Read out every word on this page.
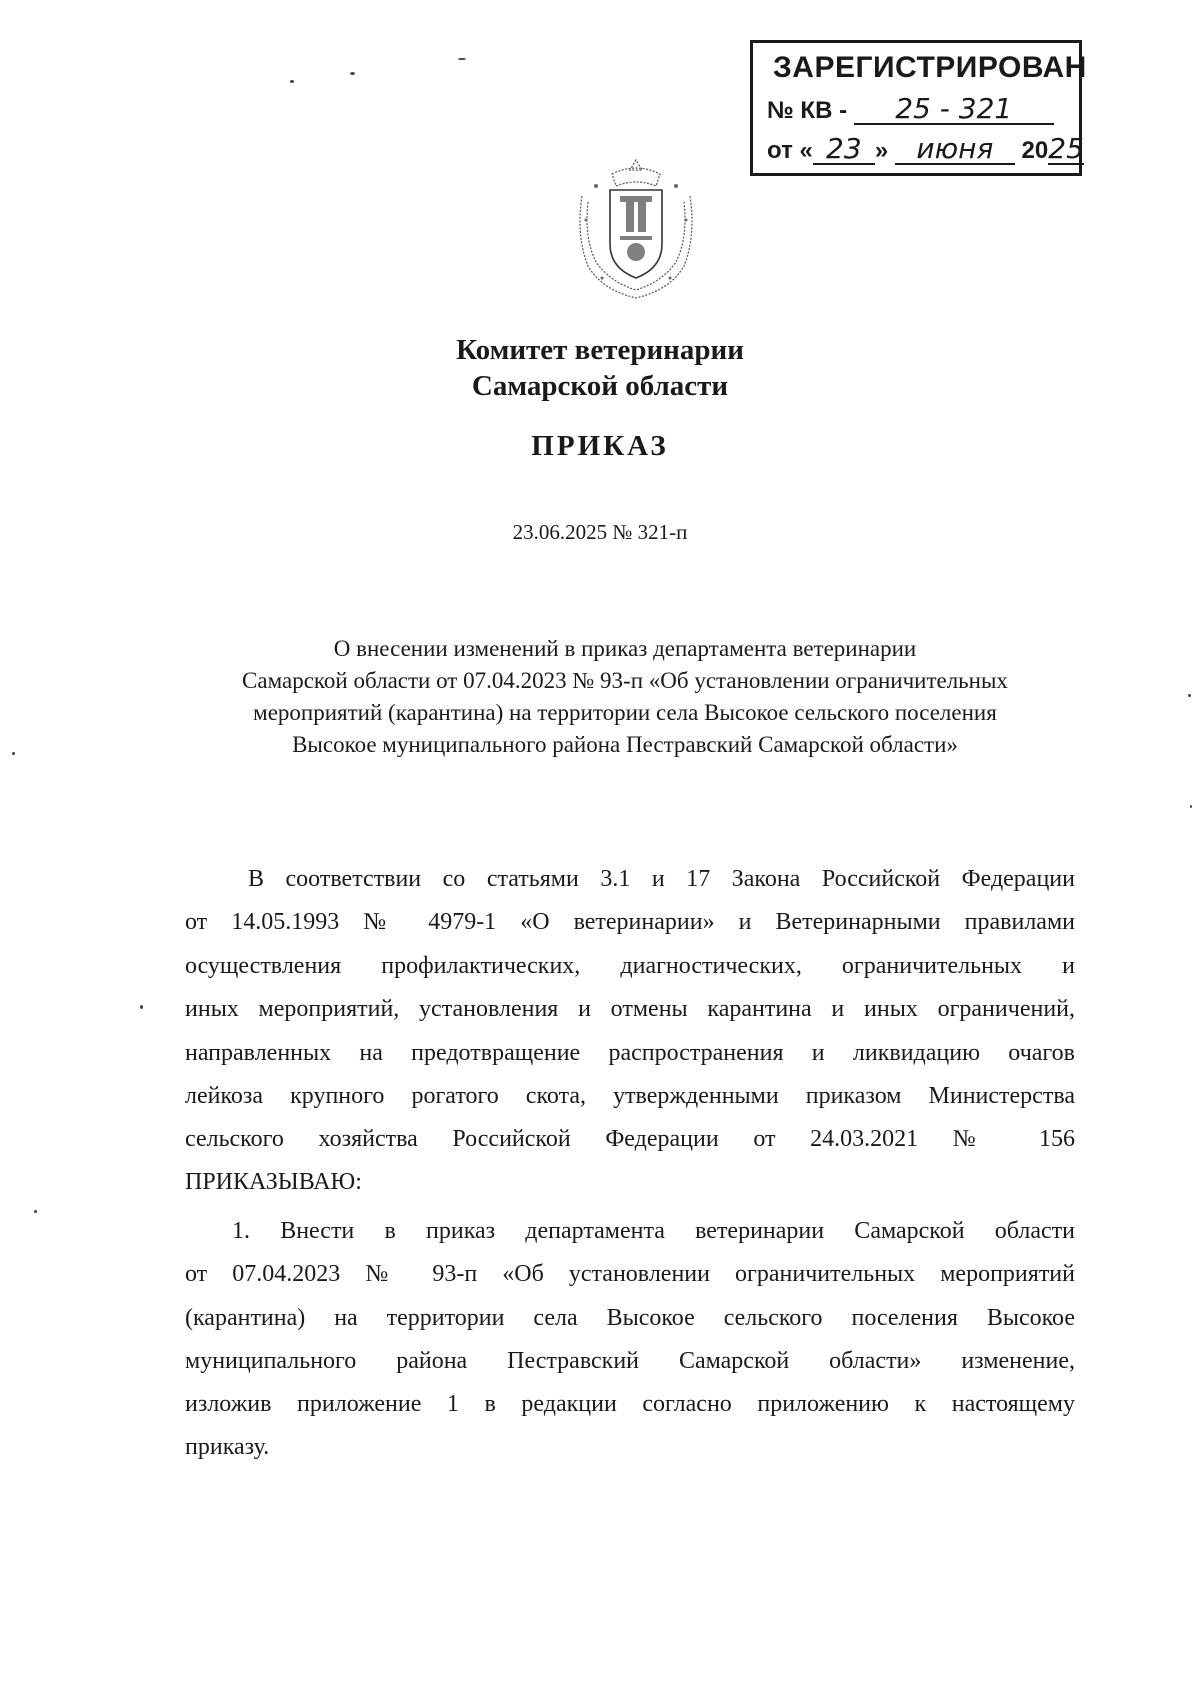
ЗАРЕГИСТРИРОВАН
№ КВ - 25 - 321
от « 23 » июня 2025
Комитет ветеринарии
Самарской области
ПРИКАЗ
23.06.2025 № 321-п
О внесении изменений в приказ департамента ветеринарии
Самарской области от 07.04.2023 № 93-п «Об установлении ограничительных
мероприятий (карантина) на территории села Высокое сельского поселения
Высокое муниципального района Пестравский Самарской области»
В соответствии со статьями 3.1 и 17 Закона Российской Федерации
от 14.05.1993 № 4979-1 «О ветеринарии» и Ветеринарными правилами
осуществления профилактических, диагностических, ограничительных и
иных мероприятий, установления и отмены карантина и иных ограничений,
направленных на предотвращение распространения и ликвидацию очагов
лейкоза крупного рогатого скота, утвержденными приказом Министерства
сельского хозяйства Российской Федерации от 24.03.2021 № 156
ПРИКАЗЫВАЮ:
1. Внести в приказ департамента ветеринарии Самарской области
от 07.04.2023 № 93-п «Об установлении ограничительных мероприятий
(карантина) на территории села Высокое сельского поселения Высокое
муниципального района Пестравский Самарской области» изменение,
изложив приложение 1 в редакции согласно приложению к настоящему
приказу.
